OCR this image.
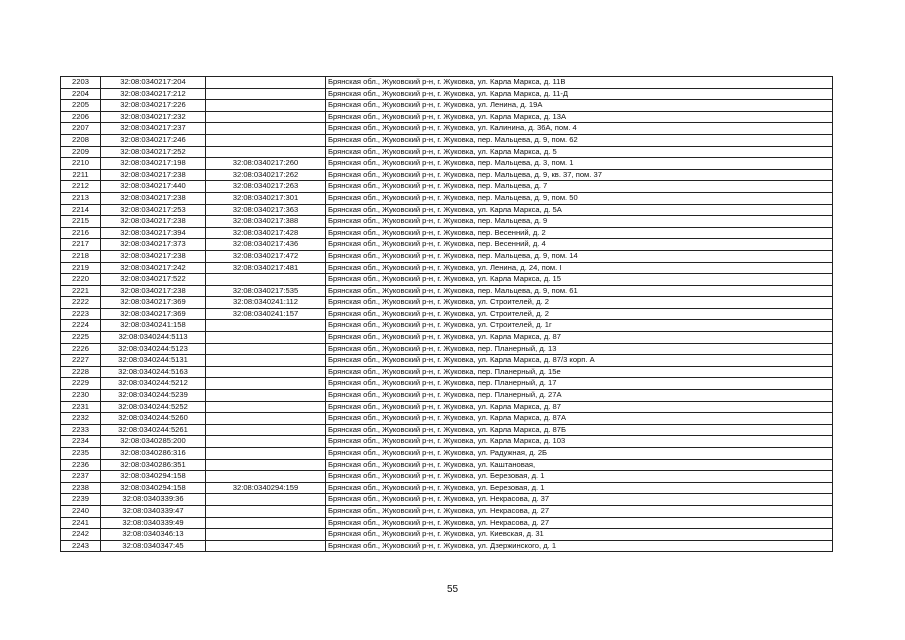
2203	32:08:0340217:204		Брянская обл., Жуковский р-н, г. Жуковка, ул. Карла Маркса, д. 11В
2204	32:08:0340217:212		Брянская обл., Жуковский р-н, г. Жуковка, ул. Карла Маркса, д. 11-Д
2205	32:08:0340217:226		Брянская обл., Жуковский р-н, г. Жуковка, ул. Ленина, д. 19А
2206	32:08:0340217:232		Брянская обл., Жуковский р-н, г. Жуковка, ул. Карла Маркса, д. 13А
2207	32:08:0340217:237		Брянская обл., Жуковский р-н, г. Жуковка, ул. Калинина, д. 36А, пом. 4
2208	32:08:0340217:246		Брянская обл., Жуковский р-н, г. Жуковка, пер. Мальцева, д. 9, пом. 62
2209	32:08:0340217:252		Брянская обл., Жуковский р-н, г. Жуковка, ул. Карла Маркса, д. 5
2210	32:08:0340217:198	32:08:0340217:260	Брянская обл., Жуковский р-н, г. Жуковка, пер. Мальцева, д. 3, пом. 1
2211	32:08:0340217:238	32:08:0340217:262	Брянская обл., Жуковский р-н, г. Жуковка, пер. Мальцева, д. 9, кв. 37, пом. 37
2212	32:08:0340217:440	32:08:0340217:263	Брянская обл., Жуковский р-н, г. Жуковка, пер. Мальцева, д. 7
2213	32:08:0340217:238	32:08:0340217:301	Брянская обл., Жуковский р-н, г. Жуковка, пер. Мальцева, д. 9, пом. 50
2214	32:08:0340217:253	32:08:0340217:363	Брянская обл., Жуковский р-н, г. Жуковка, ул. Карла Маркса, д. 5А
2215	32:08:0340217:238	32:08:0340217:388	Брянская обл., Жуковский р-н, г. Жуковка, пер. Мальцева, д. 9
2216	32:08:0340217:394	32:08:0340217:428	Брянская обл., Жуковский р-н, г. Жуковка, пер. Весенний, д. 2
2217	32:08:0340217:373	32:08:0340217:436	Брянская обл., Жуковский р-н, г. Жуковка, пер. Весенний, д. 4
2218	32:08:0340217:238	32:08:0340217:472	Брянская обл., Жуковский р-н, г. Жуковка, пер. Мальцева, д. 9, пом. 14
2219	32:08:0340217:242	32:08:0340217:481	Брянская обл., Жуковский р-н, г. Жуковка, ул. Ленина, д. 24, пом. I
2220	32:08:0340217:522		Брянская обл., Жуковский р-н, г. Жуковка, ул. Карла Маркса, д. 15
2221	32:08:0340217:238	32:08:0340217:535	Брянская обл., Жуковский р-н, г. Жуковка, пер. Мальцева, д. 9, пом. 61
2222	32:08:0340217:369	32:08:0340241:112	Брянская обл., Жуковский р-н, г. Жуковка, ул. Строителей, д. 2
2223	32:08:0340217:369	32:08:0340241:157	Брянская обл., Жуковский р-н, г. Жуковка, ул. Строителей, д. 2
2224	32:08:0340241:158		Брянская обл., Жуковский р-н, г. Жуковка, ул. Строителей, д. 1г
2225	32:08:0340244:5113		Брянская обл., Жуковский р-н, г. Жуковка, ул. Карла Маркса, д. 87
2226	32:08:0340244:5123		Брянская обл., Жуковский р-н, г. Жуковка, пер. Планерный, д. 13
2227	32:08:0340244:5131		Брянская обл., Жуковский р-н, г. Жуковка, ул. Карла Маркса, д. 87/3 корп. А
2228	32:08:0340244:5163		Брянская обл., Жуковский р-н, г. Жуковка, пер. Планерный, д. 15е
2229	32:08:0340244:5212		Брянская обл., Жуковский р-н, г. Жуковка, пер. Планерный, д. 17
2230	32:08:0340244:5239		Брянская обл., Жуковский р-н, г. Жуковка, пер. Планерный, д. 27А
2231	32:08:0340244:5252		Брянская обл., Жуковский р-н, г. Жуковка, ул. Карла Маркса, д. 87
2232	32:08:0340244:5260		Брянская обл., Жуковский р-н, г. Жуковка, ул. Карла Маркса, д. 87А
2233	32:08:0340244:5261		Брянская обл., Жуковский р-н, г. Жуковка, ул. Карла Маркса, д. 87Б
2234	32:08:0340285:200		Брянская обл., Жуковский р-н, г. Жуковка, ул. Карла Маркса, д. 103
2235	32:08:0340286:316		Брянская обл., Жуковский р-н, г. Жуковка, ул. Радужная, д. 2Б
2236	32:08:0340286:351		Брянская обл., Жуковский р-н, г. Жуковка, ул. Каштановая,
2237	32:08:0340294:158		Брянская обл., Жуковский р-н, г. Жуковка, ул. Березовая, д. 1
2238	32:08:0340294:158	32:08:0340294:159	Брянская обл., Жуковский р-н, г. Жуковка, ул. Березовая, д. 1
2239	32:08:0340339:36		Брянская обл., Жуковский р-н, г. Жуковка, ул. Некрасова, д. 37
2240	32:08:0340339:47		Брянская обл., Жуковский р-н, г. Жуковка, ул. Некрасова, д. 27
2241	32:08:0340339:49		Брянская обл., Жуковский р-н, г. Жуковка, ул. Некрасова, д. 27
2242	32:08:0340346:13		Брянская обл., Жуковский р-н, г. Жуковка, ул. Киевская, д. 31
2243	32:08:0340347:45		Брянская обл., Жуковский р-н, г. Жуковка, ул. Дзержинского, д. 1
55
